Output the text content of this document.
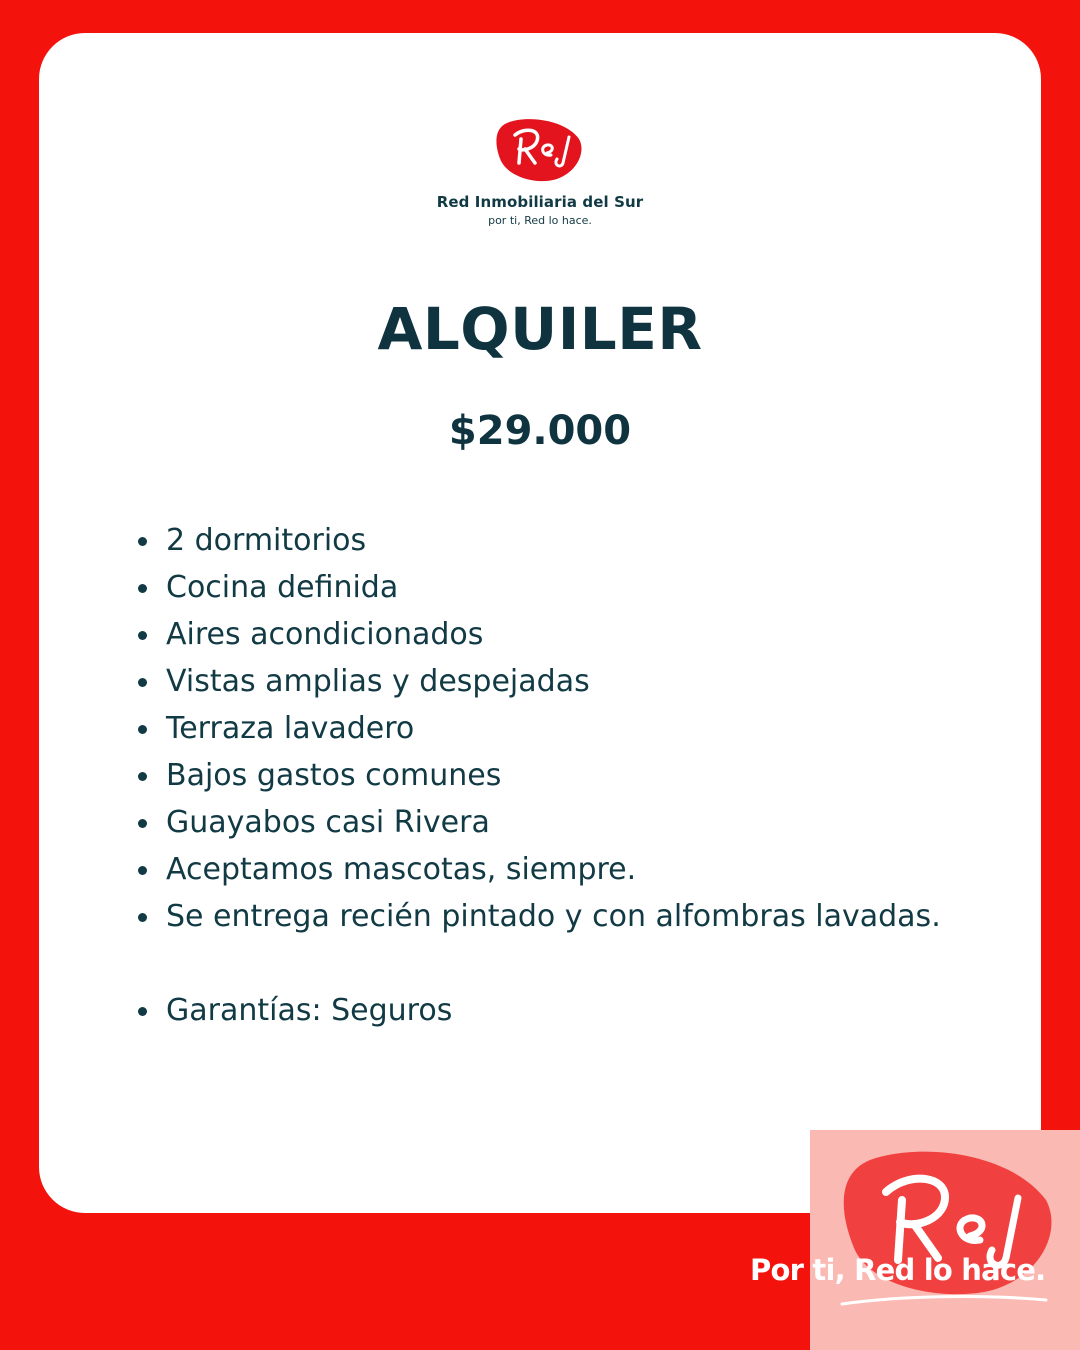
Red Inmobiliaria del Sur
por ti, Red lo hace.
ALQUILER
$29.000
2 dormitorios
Cocina definida
Aires acondicionados
Vistas amplias y despejadas
Terraza lavadero
Bajos gastos comunes
Guayabos casi Rivera
Aceptamos mascotas, siempre.
Se entrega recién pintado y con alfombras lavadas.
Garantías: Seguros
Por ti, Red lo hace.
